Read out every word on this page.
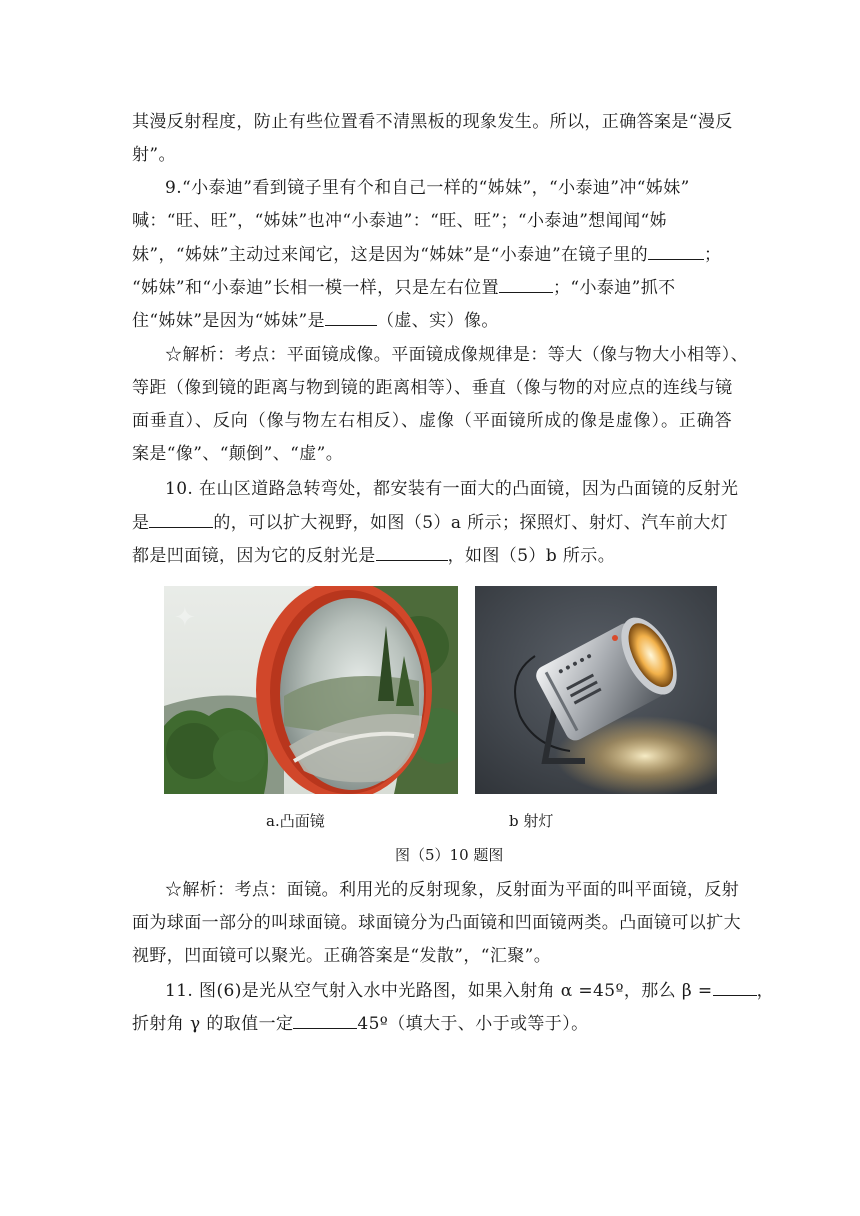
其漫反射程度，防止有些位置看不清黑板的现象发生。所以，正确答案是“漫反
射”。
9.“小泰迪”看到镜子里有个和自己一样的“姊妹”，“小泰迪”冲“姊妹”
喊：“旺、旺”，“姊妹”也冲“小泰迪”：“旺、旺”；“小泰迪”想闻闻“姊
妹”，“姊妹”主动过来闻它，这是因为“姊妹”是“小泰迪”在镜子里的	；
“姊妹”和“小泰迪”长相一模一样，只是左右位置	；“小泰迪”抓不
住“姊妹”是因为“姊妹”是	（虚、实）像。
☆解析：考点：平面镜成像。平面镜成像规律是：等大（像与物大小相等）、
等距（像到镜的距离与物到镜的距离相等）、垂直（像与物的对应点的连线与镜
面垂直）、反向（像与物左右相反）、虚像（平面镜所成的像是虚像）。正确答
案是“像”、“颠倒”、“虚”。
10. 在山区道路急转弯处，都安装有一面大的凸面镜，因为凸面镜的反射光
是	的，可以扩大视野，如图（5）a 所示；探照灯、射灯、汽车前大灯
都是凹面镜，因为它的反射光是	，如图（5）b 所示。
✦
a.凸面镜	b 射灯
图（5）10 题图
☆解析：考点：面镜。利用光的反射现象，反射面为平面的叫平面镜，反射
面为球面一部分的叫球面镜。球面镜分为凸面镜和凹面镜两类。凸面镜可以扩大
视野，凹面镜可以聚光。正确答案是“发散”，“汇聚”。
11. 图(6)是光从空气射入水中光路图，如果入射角 α =45º，那么 β =	，
折射角 γ 的取值一定	45º（填大于、小于或等于）。
